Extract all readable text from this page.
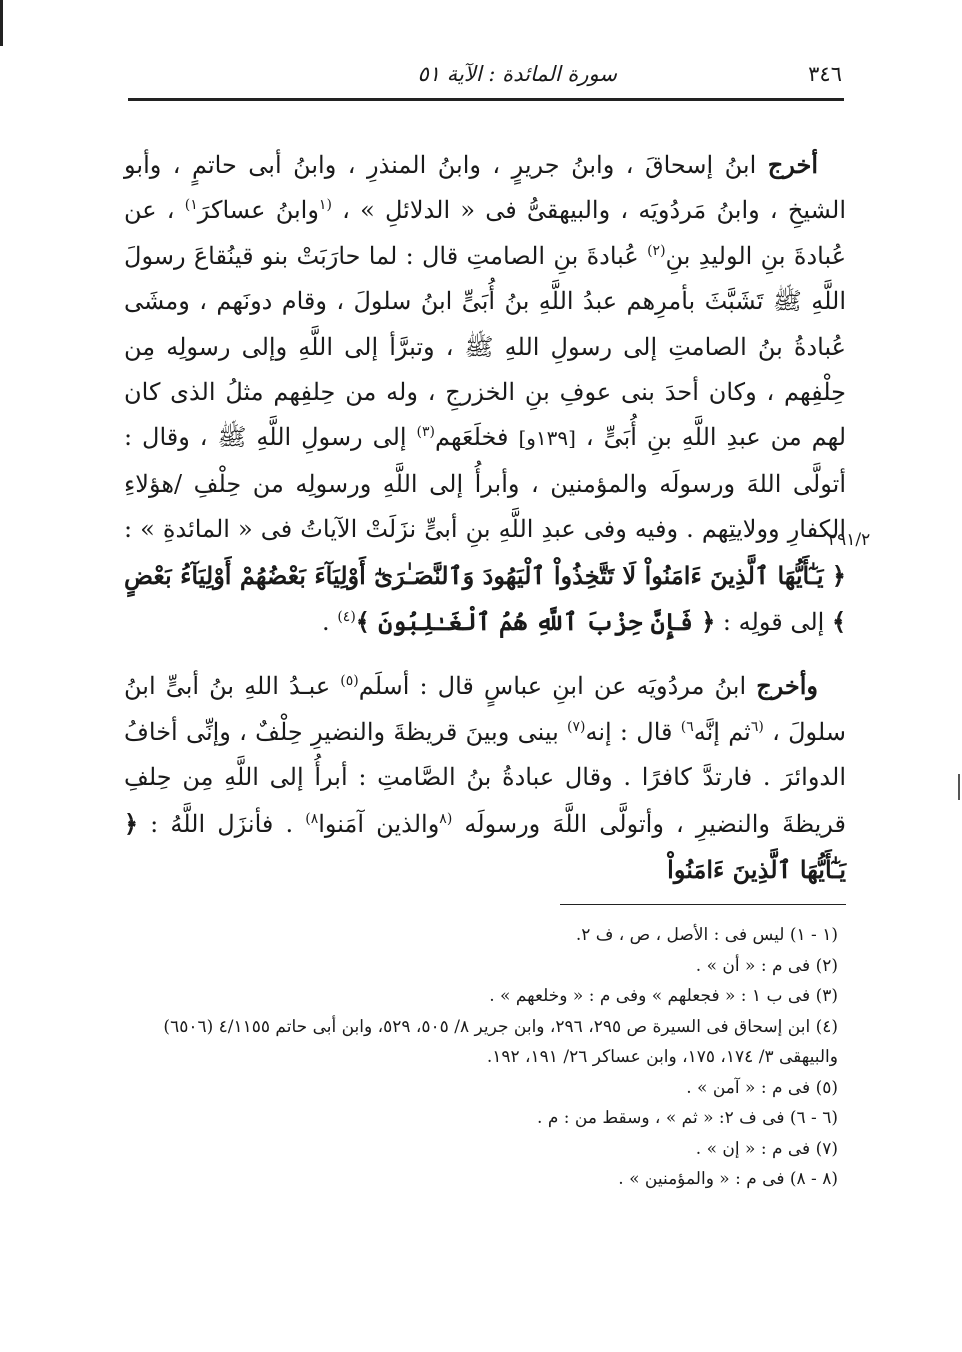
٣٤٦
سورة المائدة : الآية ٥١
٢٩١/٢

أخرج ابنُ إسحاقَ ، وابنُ جريرٍ ، وابنُ المنذرِ ، وابنُ أبى حاتمٍ ، وأبو الشيخِ ، وابنُ مَردُويَه ، والبيهقىُّ فى « الدلائلِ » ، $^{(١}$وابنُ عساكرَ$^{١)}$ ، عن عُبادةَ بنِ الوليدِ بنِ$^{(٢)}$ عُبادةَ بنِ الصامتِ قال : لما حارَبَتْ بنو قينُقاعَ رسولَ اللَّهِ ﷺ تَشَبَّثَ بأمرِهم عبدُ اللَّهِ بنُ أُبَىٍّ ابنُ سلولَ ، وقام دونَهم ، ومشَى عُبادةُ بنُ الصامتِ إلى رسولِ اللهِ ﷺ ، وتبرَّأ إلى اللَّهِ وإلى رسولِه مِن حِلْفِهم ، وكان أحدَ بنى عوفِ بنِ الخزرجِ ، وله من حِلفِهم مثلُ الذى كان لهم من عبدِ اللَّهِ بنِ أُبَىٍّ ، [١٣٩و] فخلَعَهم$^{(٣)}$ إلى رسولِ اللَّهِ ﷺ ، وقال : أتولَّى اللهَ ورسولَه والمؤمنين ، وأبرأُ إلى اللَّهِ ورسولِه من حِلْفِ /هؤلاءِ الكفارِ وولايتِهم . وفيه وفى عبدِ اللَّهِ بنِ أبىٍّ نزَلَتْ الآياتُ فى « المائدةِ » : ﴿ يَـٰٓأَيُّهَا ٱلَّذِينَ ءَامَنُواْ لَا تَتَّخِذُواْ ٱلْيَهُودَ وَٱلنَّصَـٰرَىٰٓ أَوْلِيَآءَ بَعْضُهُمْ أَوْلِيَآءُ بَعْضٍ ﴾ إلى قولِه : ﴿ فَإِنَّ حِزْبَ ٱللَّهِ هُمُ ٱلْغَـٰلِبُونَ ﴾$^{(٤)}$ .

وأخرج ابنُ مردُويَه عن ابنِ عباسٍ قال : أسلَم$^{(٥)}$ عبـدُ اللهِ بنُ أبىٍّ ابنُ سلولَ ، $^{(٦}$ثم إنَّه$^{٦)}$ قال : إنه$^{(٧)}$ بينى وبينَ قريظةَ والنضيرِ حِلْفٌ ، وإنِّى أخافُ الدوائرَ . فارتدَّ كافرًا . وقال عبادةُ بنُ الصَّامتِ : أبرأُ إلى اللَّهِ مِن حِلفِ قريظةَ والنضيرِ ، وأتولَّى اللَّهَ ورسولَه $^{(٨}$والذين آمَنوا$^{٨)}$ . فأنزَل اللَّهُ : ﴿ يَـٰٓأَيُّهَا ٱلَّذِينَ ءَامَنُواْ

(١ - ١) ليس فى : الأصل ، ص ، ف ٢.

(٢) فى م : « أن » .

(٣) فى ب ١ : « فجعلهم » وفى م : « وخلعهم » .

(٤) ابن إسحاق فى السيرة ص ٢٩٥، ٢٩٦، وابن جرير ٨/ ٥٠٥، ٥٢٩، وابن أبى حاتم ٤/١١٥٥ (٦٥٠٦) والبيهقى ٣/ ١٧٤، ١٧٥، وابن عساكر ٢٦/ ١٩١، ١٩٢.

(٥) فى م : « آمن » .

(٦ - ٦) فى ف ٢: « ثم » ، وسقط من : م .

(٧) فى م : « إن » .

(٨ - ٨) فى م : « والمؤمنين » .
